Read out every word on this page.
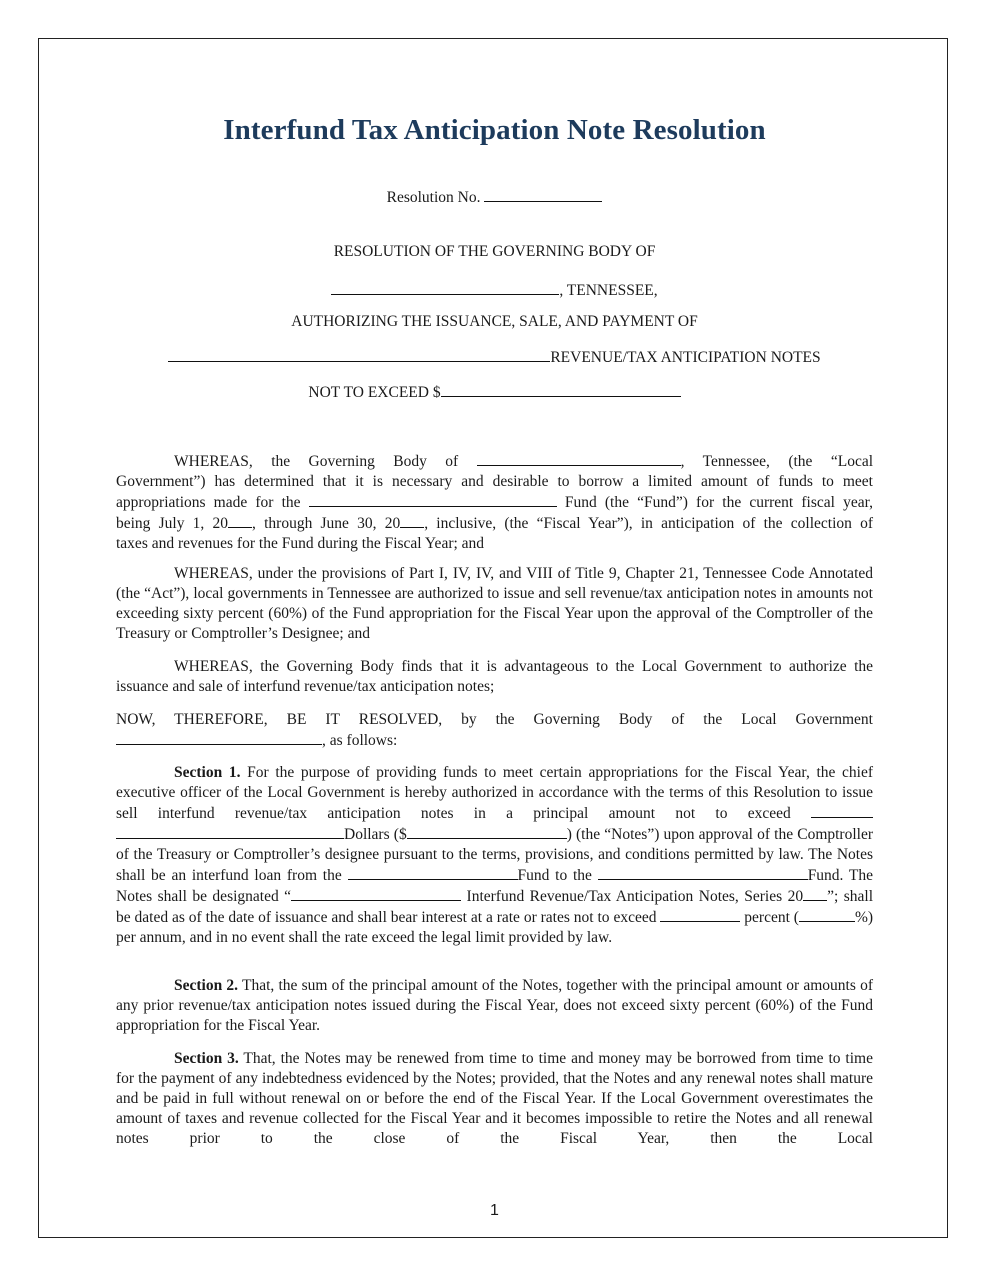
Interfund Tax Anticipation Note Resolution
Resolution No.
RESOLUTION OF THE GOVERNING BODY OF
, TENNESSEE,
AUTHORIZING THE ISSUANCE, SALE, AND PAYMENT OF
REVENUE/TAX ANTICIPATION NOTES
NOT TO EXCEED $

WHEREAS, the Governing Body of	, Tennessee, (the “Local

Government”) has determined that it is necessary and desirable to borrow a limited amount of funds to meet

appropriations made for the	Fund (the “Fund”) for the current fiscal year,

being July 1, 20 , through June 30, 20 , inclusive, (the “Fiscal Year”), in anticipation of the collection of

taxes and revenues for the Fund during the Fiscal Year; and

WHEREAS, under the provisions of Part I, IV, IV, and VIII of Title 9, Chapter 21, Tennessee Code Annotated (the “Act”), local governments in Tennessee are authorized to issue and sell revenue/tax anticipation notes in amounts not exceeding sixty percent (60%) of the Fund appropriation for the Fiscal Year upon the approval of the Comptroller of the Treasury or Comptroller’s Designee; and
WHEREAS, the Governing Body finds that it is advantageous to the Local Government to authorize the issuance and sale of interfund revenue/tax anticipation notes;

NOW, THEREFORE, BE IT RESOLVED, by the Governing Body of the Local Government

, as follows:

Section 1. For the purpose of providing funds to meet certain appropriations for the Fiscal Year, the chief executive officer of the Local Government is hereby authorized in accordance with the terms of this Resolution to issue sell interfund revenue/tax anticipation notes in a principal amount not to exceed  Dollars ($	) (the “Notes”) upon approval of the Comptroller of the Treasury or Comptroller’s designee pursuant to the terms, provisions, and conditions permitted by law. The Notes shall be an interfund loan from the	Fund to the	Fund. The Notes shall be designated “	Interfund Revenue/Tax Anticipation Notes, Series 20 ”; shall be dated as of the date of issuance and shall bear interest at a rate or rates not to exceed	percent (	%) per annum, and in no event shall the rate exceed the legal limit provided by law.
Section 2. That, the sum of the principal amount of the Notes, together with the principal amount or amounts of any prior revenue/tax anticipation notes issued during the Fiscal Year, does not exceed sixty percent (60%) of the Fund appropriation for the Fiscal Year.
Section 3. That, the Notes may be renewed from time to time and money may be borrowed from time to time for the payment of any indebtedness evidenced by the Notes; provided, that the Notes and any renewal notes shall mature and be paid in full without renewal on or before the end of the Fiscal Year. If the Local Government overestimates the amount of taxes and revenue collected for the Fiscal Year and it becomes impossible to retire the Notes and all renewal notes prior to the close of the Fiscal Year, then the Local
1
